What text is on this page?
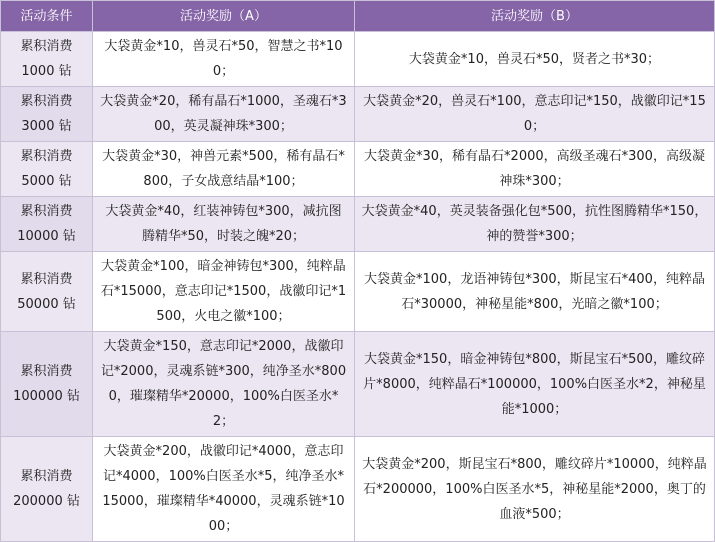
活动条件	活动奖励（A）	活动奖励（B）

累积消费
1000 钻	大袋黄金*10，兽灵石*50，智慧之书*100；	大袋黄金*10，兽灵石*50，贤者之书*30；

累积消费
3000 钻	大袋黄金*20，稀有晶石*1000，圣魂石*300，英灵凝神珠*300；	大袋黄金*20，兽灵石*100，意志印记*150，战徽印记*150；

累积消费
5000 钻	大袋黄金*30，神兽元素*500，稀有晶石*800，子女战意结晶*100；	大袋黄金*30，稀有晶石*2000，高级圣魂石*300，高级凝神珠*300；

累积消费
10000 钻	大袋黄金*40，红装神铸包*300，减抗图腾精华*50，时装之魄*20；	大袋黄金*40，英灵装备强化包*500，抗性图腾精华*150，神的赞誉*300；

累积消费
50000 钻	大袋黄金*100，暗金神铸包*300，纯粹晶石*15000，意志印记*1500，战徽印记*1500，火电之徽*100；	大袋黄金*100，龙语神铸包*300，斯昆宝石*400，纯粹晶石*30000，神秘星能*800，光暗之徽*100；

累积消费
100000 钻	大袋黄金*150，意志印记*2000，战徽印记*2000，灵魂系链*300，纯净圣水*8000，璀璨精华*20000，100%白医圣水*2；	大袋黄金*150，暗金神铸包*800，斯昆宝石*500，雕纹碎片*8000，纯粹晶石*100000，100%白医圣水*2，神秘星能*1000；

累积消费
200000 钻	大袋黄金*200，战徽印记*4000，意志印记*4000，100%白医圣水*5，纯净圣水*15000，璀璨精华*40000，灵魂系链*1000；	大袋黄金*200，斯昆宝石*800，雕纹碎片*10000，纯粹晶石*200000，100%白医圣水*5，神秘星能*2000，奥丁的血液*500；
